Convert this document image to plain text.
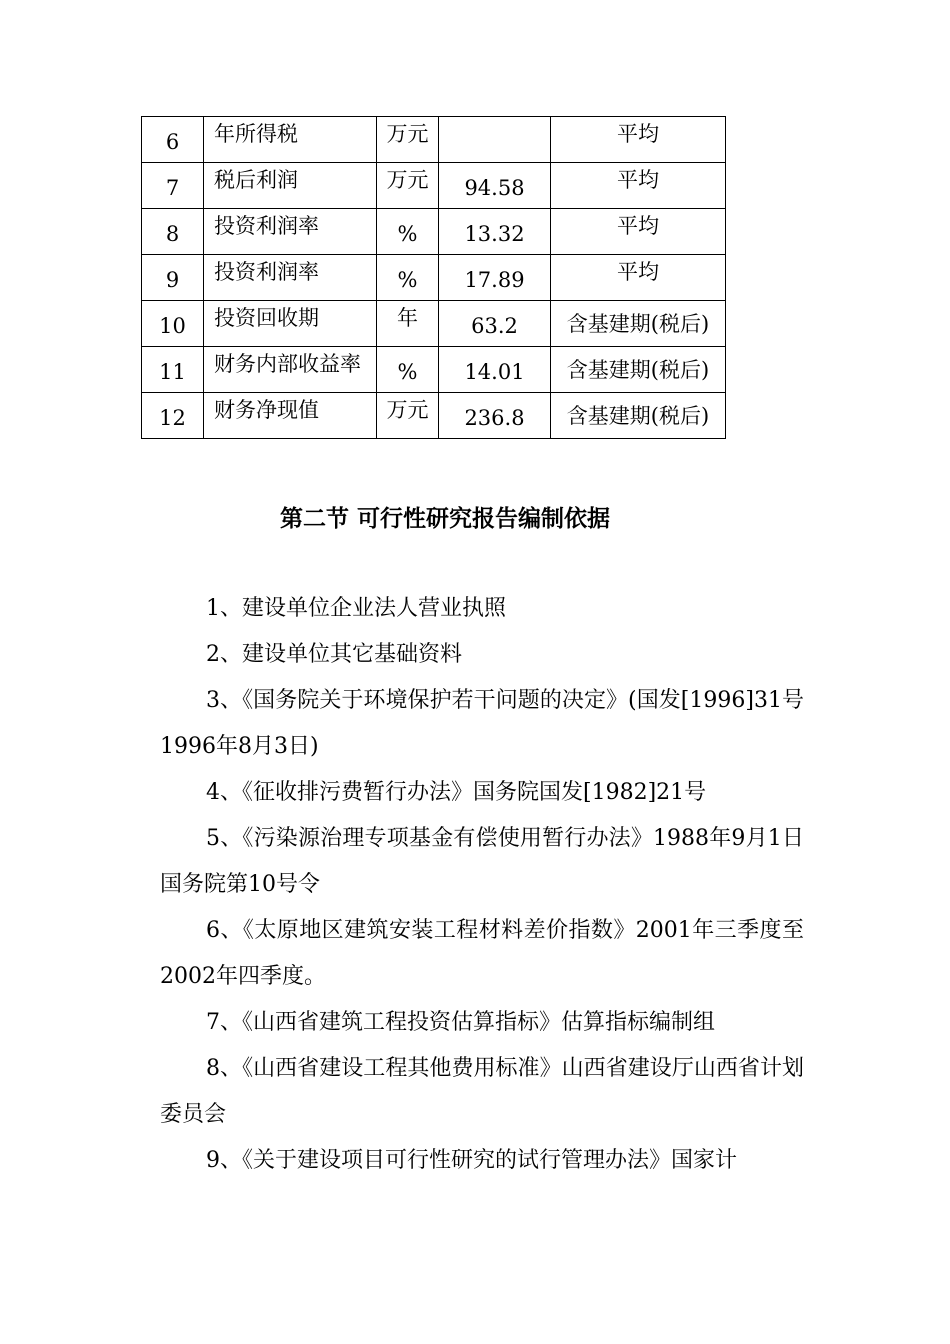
6	年所得税	万元		平均
7	税后利润	万元	94.58	平均
8	投资利润率	%	13.32	平均
9	投资利润率	%	17.89	平均
10	投资回收期	年	63.2	含基建期(税后)
11	财务内部收益率	%	14.01	含基建期(税后)
12	财务净现值	万元	236.8	含基建期(税后)
第二节 可行性研究报告编制依据

1、建设单位企业法人营业执照

2、建设单位其它基础资料

3、《国务院关于环境保护若干问题的决定》(国发[1996]31号1996年8月3日)

4、《征收排污费暂行办法》国务院国发[1982]21号

5、《污染源治理专项基金有偿使用暂行办法》1988年9月1日国务院第10号令

6、《太原地区建筑安装工程材料差价指数》2001年三季度至2002年四季度。

7、《山西省建筑工程投资估算指标》估算指标编制组

8、《山西省建设工程其他费用标准》山西省建设厅山西省计划委员会

9、《关于建设项目可行性研究的试行管理办法》国家计
